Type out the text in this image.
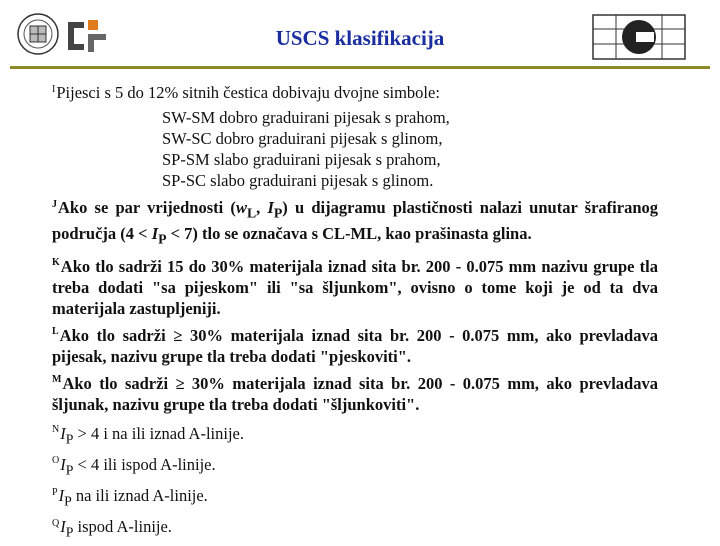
USCS klasifikacija

$^I$Pijesci s 5 do 12% sitnih čestica dobivaju dvojne simbole:

SW-SM dobro graduirani pijesak s prahom,
SW-SC dobro graduirani pijesak s glinom,
SP-SM slabo graduirani pijesak s prahom,
SP-SC slabo graduirani pijesak s glinom.

$^J$Ako se par vrijednosti ($w_L$, $I_P$) u dijagramu plastičnosti nalazi unutar šrafiranog područja $(4 < I_P < 7)$ tlo se označava s CL-ML, kao prašinasta glina.

$^K$Ako tlo sadrži 15 do 30% materijala iznad sita br. 200 - 0.075 mm nazivu grupe tla treba dodati "sa pijeskom" ili "sa šljunkom", ovisno o tome koji je od ta dva materijala zastupljeniji.

$^L$Ako tlo sadrži ≥ 30% materijala iznad sita br. 200 - 0.075 mm, ako prevladava pijesak, nazivu grupe tla treba dodati "pjeskoviti".

$^M$Ako tlo sadrži ≥ 30% materijala iznad sita br. 200 - 0.075 mm, ako prevladava šljunak, nazivu grupe tla treba dodati "šljunkoviti".

$^NI_P > 4$ i na ili iznad A-linije.
$^OI_P < 4$ ili ispod A-linije.
$^PI_P$ na ili iznad A-linije.
$^QI_P$ ispod A-linije.
